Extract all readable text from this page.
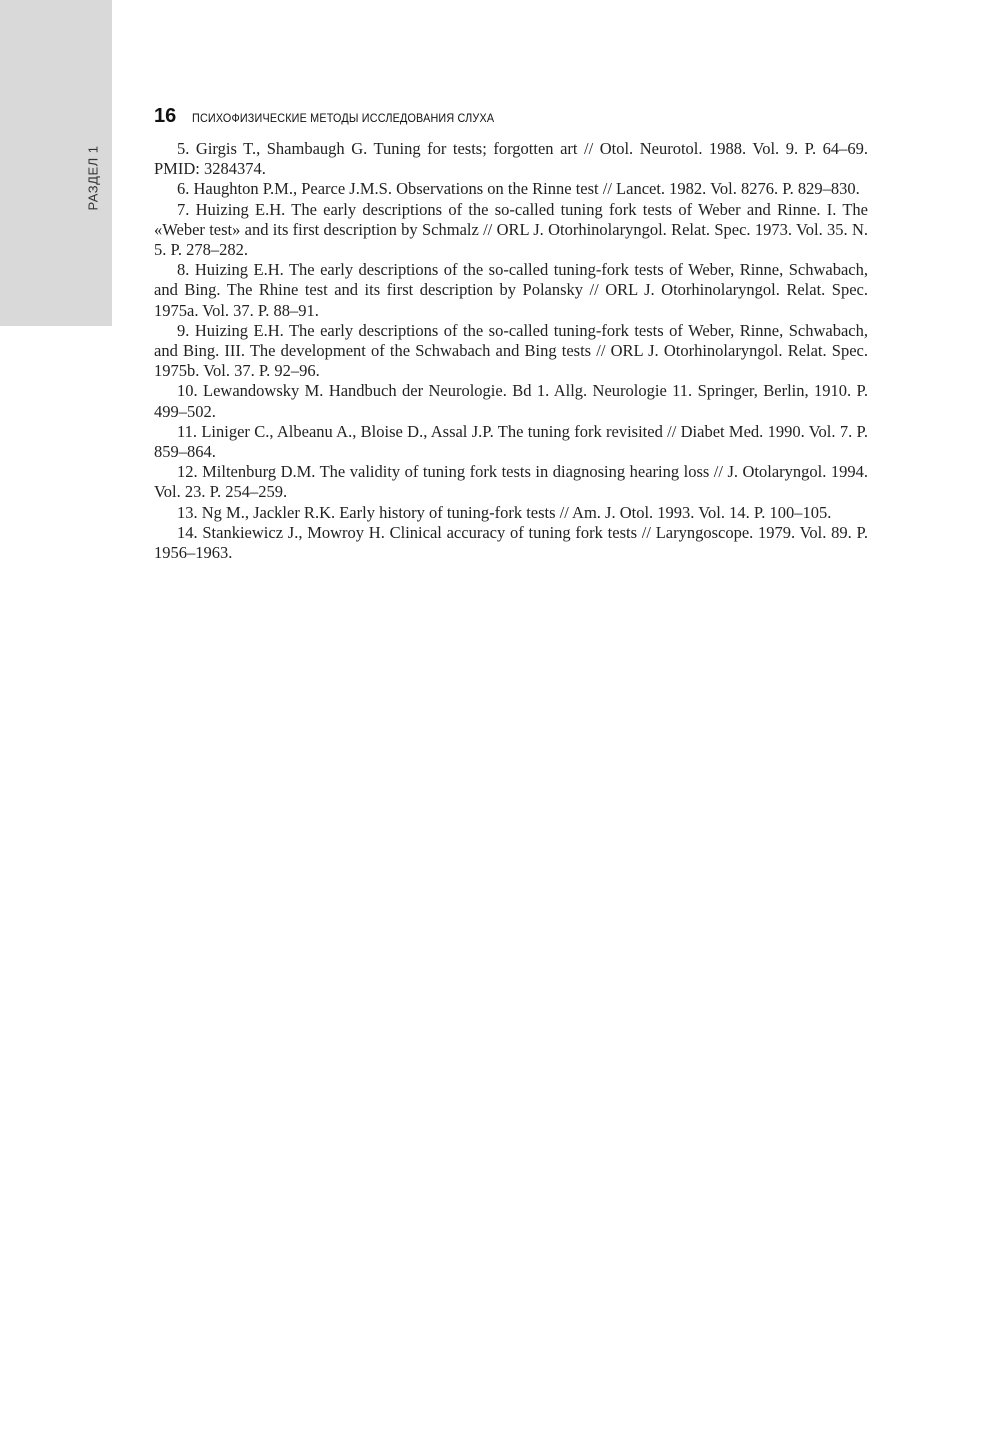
РАЗДЕЛ 1
16 ПСИХОФИЗИЧЕСКИЕ МЕТОДЫ ИССЛЕДОВАНИЯ СЛУХА
5. Girgis T., Shambaugh G. Tuning for tests; forgotten art // Otol. Neurotol. 1988. Vol. 9. P. 64–69. PMID: 3284374.
6. Haughton P.M., Pearce J.M.S. Observations on the Rinne test // Lancet. 1982. Vol. 8276. P. 829–830.
7. Huizing E.H. The early descriptions of the so-called tuning fork tests of Weber and Rinne. I. The «Weber test» and its first description by Schmalz // ORL J. Otorhinolaryngol. Relat. Spec. 1973. Vol. 35. N. 5. P. 278–282.
8. Huizing E.H. The early descriptions of the so-called tuning-fork tests of Weber, Rinne, Schwabach, and Bing. The Rhine test and its first description by Polansky // ORL J. Otorhinolaryngol. Relat. Spec. 1975a. Vol. 37. P. 88–91.
9. Huizing E.H. The early descriptions of the so-called tuning-fork tests of Weber, Rinne, Schwabach, and Bing. III. The development of the Schwabach and Bing tests // ORL J. Otorhinolaryngol. Relat. Spec. 1975b. Vol. 37. P. 92–96.
10. Lewandowsky M. Handbuch der Neurologie. Bd 1. Allg. Neurologie 11. Springer, Berlin, 1910. P. 499–502.
11. Liniger C., Albeanu A., Bloise D., Assal J.P. The tuning fork revisited // Diabet Med. 1990. Vol. 7. P. 859–864.
12. Miltenburg D.M. The validity of tuning fork tests in diagnosing hearing loss // J. Otolaryngol. 1994. Vol. 23. P. 254–259.
13. Ng M., Jackler R.K. Early history of tuning-fork tests // Am. J. Otol. 1993. Vol. 14. P. 100–105.
14. Stankiewicz J., Mowroy H. Clinical accuracy of tuning fork tests // Laryngoscope. 1979. Vol. 89. P. 1956–1963.
